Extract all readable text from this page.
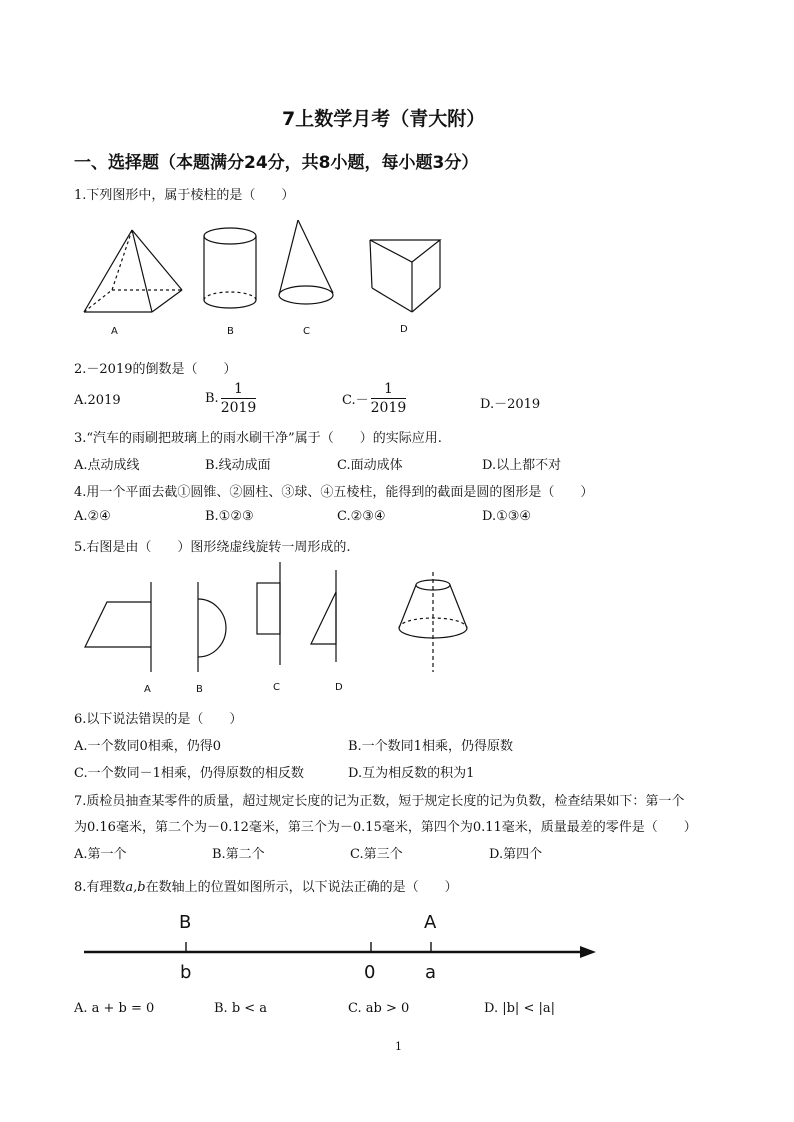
7上数学月考（青大附）
一、选择题（本题满分24分，共8小题，每小题3分）
1.下列图形中，属于棱柱的是（　　）
A	B	C	D
2.－2019的倒数是（　　）
A.2019	B. $\frac{1}{2019}$	$C.- \frac{1}{2019}$	D.－2019
3.“汽车的雨刷把玻璃上的雨水刷干净”属于（　　）的实际应用.
A.点动成线	B.线动成面	C.面动成体	D.以上都不对
4.用一个平面去截①圆锥、②圆柱、③球、④五棱柱，能得到的截面是圆的图形是（　　）
A.②④	B.①②③	C.②③④	D.①③④
5.右图是由（　　）图形绕虚线旋转一周形成的.
A	B	C	D
6.以下说法错误的是（　　）
A.一个数同0相乘，仍得0	B.一个数同1相乘，仍得原数
C.一个数同－1相乘，仍得原数的相反数	D.互为相反数的积为1
7.质检员抽查某零件的质量，超过规定长度的记为正数，短于规定长度的记为负数，检查结果如下：第一个
为0.16毫米，第二个为－0.12毫米，第三个为－0.15毫米，第四个为0.11毫米，质量最差的零件是（　　）
A.第一个	B.第二个	C.第三个	D.第四个
8.有理数a,b在数轴上的位置如图所示，以下说法正确的是（　　）
B	A
b	0	a
A. a + b = 0	B. b < a	C. ab > 0	D. |b| < |a|
1
